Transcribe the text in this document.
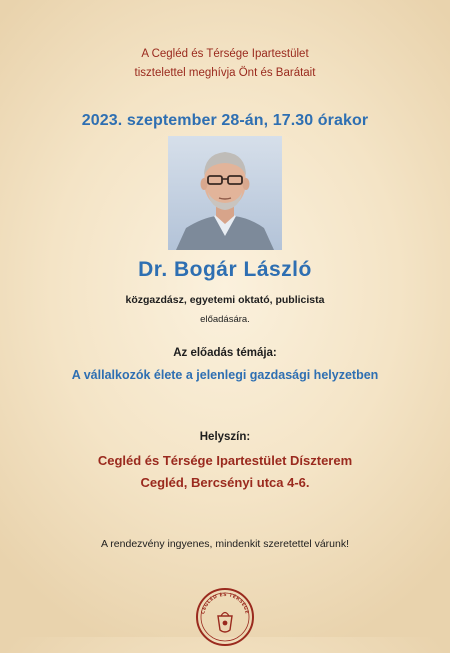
A Cegléd és Térsége Ipartestület

tisztelettel meghívja Önt és Barátait

2023. szeptember 28-án, 17.30 órakor

Dr. Bogár László

közgazdász, egyetemi oktató, publicista

előadására.

Az előadás témája:

A vállalkozók élete a jelenlegi gazdasági helyzetben

Helyszín:

Cegléd és Térsége Ipartestület Díszterem

Cegléd, Bercsényi utca 4-6.

A rendezvény ingyenes, mindenkit szeretettel várunk!

CEGLÉD ÉS TÉRSÉGE
